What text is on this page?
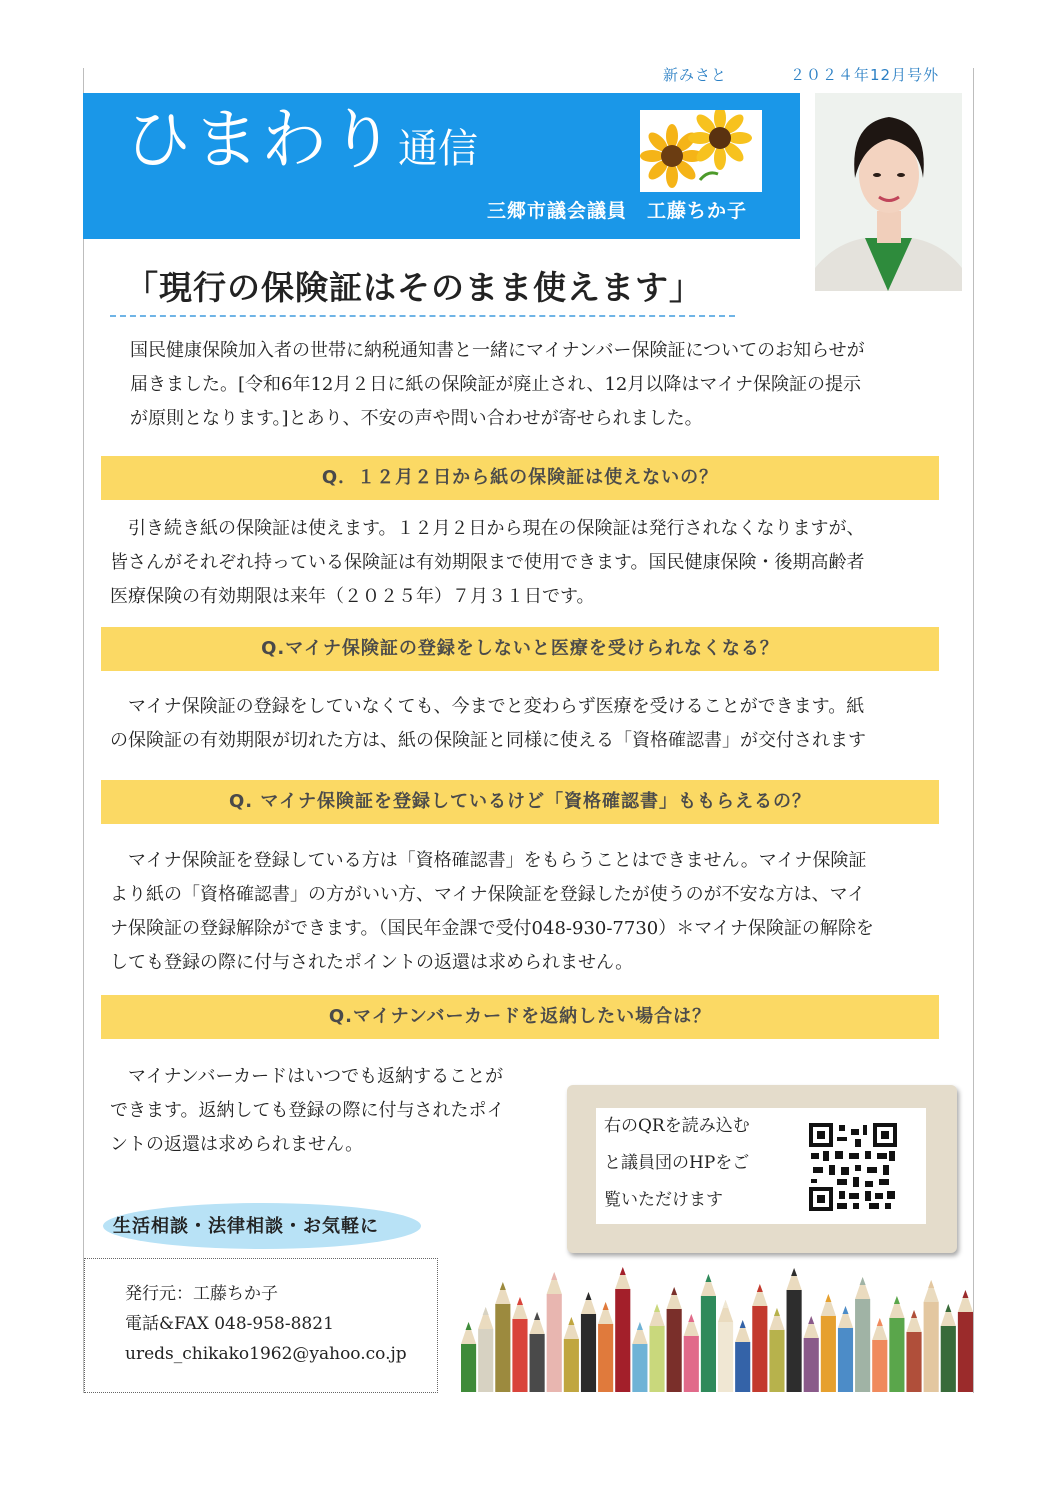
新みさと	２０２４年12月号外
ひまわり 通信
三郷市議会議員　工藤ちか子
「現行の保険証はそのまま使えます」
国民健康保険加入者の世帯に納税通知書と一緒にマイナンバー保険証についてのお知らせが
届きました。[令和6年12月２日に紙の保険証が廃止され、12月以降はマイナ保険証の提示
が原則となります。]とあり、不安の声や問い合わせが寄せられました。
Q．１２月２日から紙の保険証は使えないの？
　引き続き紙の保険証は使えます。１２月２日から現在の保険証は発行されなくなりますが、
皆さんがそれぞれ持っている保険証は有効期限まで使用できます。国民健康保険・後期高齢者
医療保険の有効期限は来年（２０２５年）７月３１日です。
Q.マイナ保険証の登録をしないと医療を受けられなくなる？
　マイナ保険証の登録をしていなくても、今までと変わらず医療を受けることができます。紙
の保険証の有効期限が切れた方は、紙の保険証と同様に使える「資格確認書」が交付されます
Q. マイナ保険証を登録しているけど「資格確認書」ももらえるの？
　マイナ保険証を登録している方は「資格確認書」をもらうことはできません。マイナ保険証
より紙の「資格確認書」の方がいい方、マイナ保険証を登録したが使うのが不安な方は、マイ
ナ保険証の登録解除ができます。（国民年金課で受付048-930-7730）＊マイナ保険証の解除を
しても登録の際に付与されたポイントの返還は求められません。
Q.マイナンバーカードを返納したい場合は？
　マイナンバーカードはいつでも返納することが
できます。返納しても登録の際に付与されたポイ
ントの返還は求められません。
右のQRを読み込む
と議員団のHPをご
覧いただけます
生活相談・法律相談・お気軽に
発行元：工藤ちか子
電話&FAX 048-958-8821
ureds_chikako1962@yahoo.co.jp
